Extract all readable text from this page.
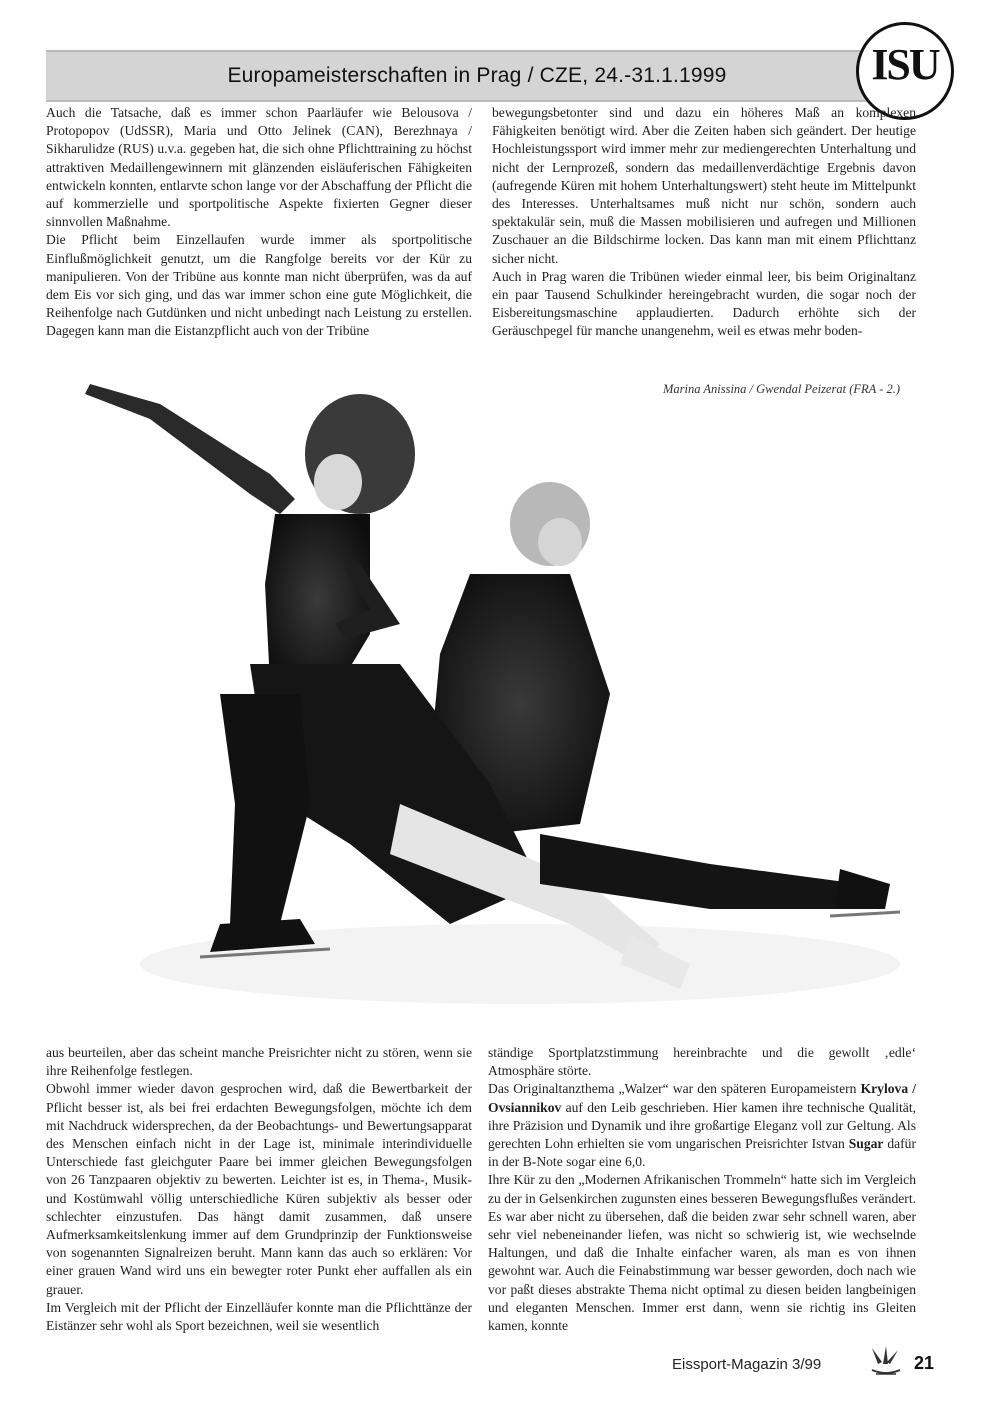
Europameisterschaften in Prag / CZE, 24.-31.1.1999	ISU

Auch die Tatsache, daß es immer schon Paarläufer wie Belousova / Protopopov (UdSSR), Maria und Otto Jelinek (CAN), Berezhnaya / Sikharulidze (RUS) u.v.a. gegeben hat, die sich ohne Pflichttraining zu höchst attraktiven Medaillengewinnern mit glänzenden eisläuferischen Fähigkeiten entwickeln konnten, entlarvte schon lange vor der Abschaffung der Pflicht die auf kommerzielle und sportpolitische Aspekte fixierten Gegner dieser sinnvollen Maßnahme.

Die Pflicht beim Einzellaufen wurde immer als sportpolitische Einflußmöglichkeit genutzt, um die Rangfolge bereits vor der Kür zu manipulieren. Von der Tribüne aus konnte man nicht überprüfen, was da auf dem Eis vor sich ging, und das war immer schon eine gute Möglichkeit, die Reihenfolge nach Gutdünken und nicht unbedingt nach Leistung zu erstellen. Dagegen kann man die Eistanzpflicht auch von der Tribüne

bewegungsbetonter sind und dazu ein höheres Maß an komplexen Fähigkeiten benötigt wird. Aber die Zeiten haben sich geändert. Der heutige Hochleistungssport wird immer mehr zur mediengerechten Unterhaltung und nicht der Lernprozeß, sondern das medaillenverdächtige Ergebnis davon (aufregende Küren mit hohem Unterhaltungswert) steht heute im Mittelpunkt des Interesses. Unterhaltsames muß nicht nur schön, sondern auch spektakulär sein, muß die Massen mobilisieren und aufregen und Millionen Zuschauer an die Bildschirme locken. Das kann man mit einem Pflichttanz sicher nicht.

Auch in Prag waren die Tribünen wieder einmal leer, bis beim Originaltanz ein paar Tausend Schulkinder hereingebracht wurden, die sogar noch der Eisbereitungsmaschine applaudierten. Dadurch erhöhte sich der Geräuschpegel für manche unangenehm, weil es etwas mehr boden-

Marina Anissina / Gwendal Peizerat (FRA - 2.)

aus beurteilen, aber das scheint manche Preisrichter nicht zu stören, wenn sie ihre Reihenfolge festlegen.

Obwohl immer wieder davon gesprochen wird, daß die Bewertbarkeit der Pflicht besser ist, als bei frei erdachten Bewegungsfolgen, möchte ich dem mit Nachdruck widersprechen, da der Beobachtungs- und Bewertungsapparat des Menschen einfach nicht in der Lage ist, minimale interindividuelle Unterschiede fast gleichguter Paare bei immer gleichen Bewegungsfolgen von 26 Tanzpaaren objektiv zu bewerten. Leichter ist es, in Thema-, Musik- und Kostümwahl völlig unterschiedliche Küren subjektiv als besser oder schlechter einzustufen. Das hängt damit zusammen, daß unsere Aufmerksamkeitslenkung immer auf dem Grundprinzip der Funktionsweise von sogenannten Signalreizen beruht. Mann kann das auch so erklären: Vor einer grauen Wand wird uns ein bewegter roter Punkt eher auffallen als ein grauer.

Im Vergleich mit der Pflicht der Einzelläufer konnte man die Pflichttänze der Eistänzer sehr wohl als Sport bezeichnen, weil sie wesentlich

ständige Sportplatzstimmung hereinbrachte und die gewollt ‚edle‘ Atmosphäre störte.

Das Originaltanzthema „Walzer“ war den späteren Europameistern Krylova / Ovsiannikov auf den Leib geschrieben. Hier kamen ihre technische Qualität, ihre Präzision und Dynamik und ihre großartige Eleganz voll zur Geltung. Als gerechten Lohn erhielten sie vom ungarischen Preisrichter Istvan Sugar dafür in der B-Note sogar eine 6,0.

Ihre Kür zu den „Modernen Afrikanischen Trommeln“ hatte sich im Vergleich zu der in Gelsenkirchen zugunsten eines besseren Bewegungsflußes verändert. Es war aber nicht zu übersehen, daß die beiden zwar sehr schnell waren, aber sehr viel nebeneinander liefen, was nicht so schwierig ist, wie wechselnde Haltungen, und daß die Inhalte einfacher waren, als man es von ihnen gewohnt war. Auch die Feinabstimmung war besser geworden, doch nach wie vor paßt dieses abstrakte Thema nicht optimal zu diesen beiden langbeinigen und eleganten Menschen. Immer erst dann, wenn sie richtig ins Gleiten kamen, konnte

Eissport-Magazin 3/99	21
